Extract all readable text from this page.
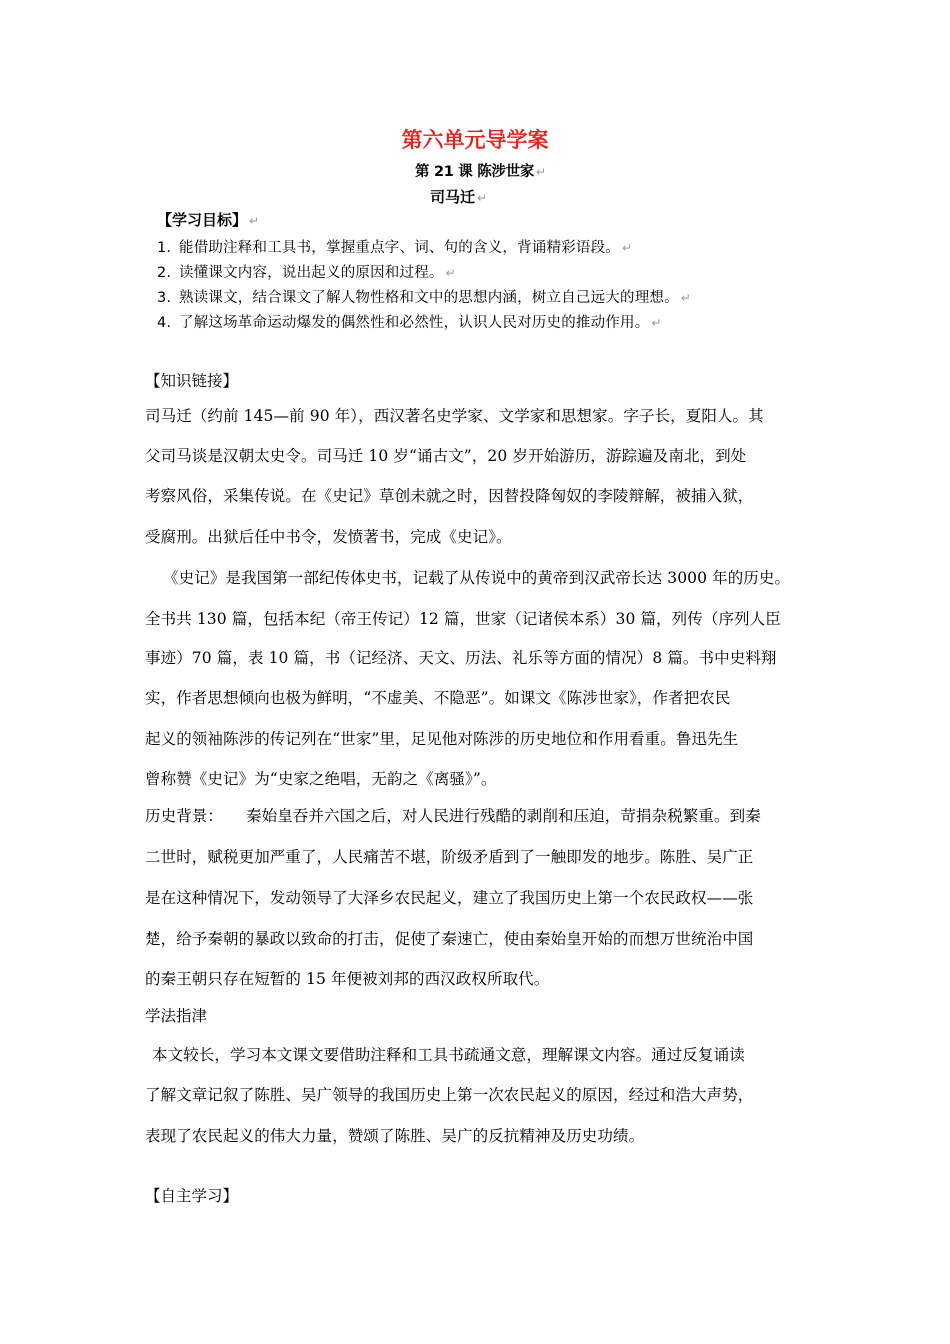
第六单元导学案
第 21 课 陈涉世家 ↵
司马迁 ↵
【学习目标】 ↵
1. 能借助注释和工具书，掌握重点字、词、句的含义，背诵精彩语段。 ↵
2. 读懂课文内容，说出起义的原因和过程。 ↵
3. 熟读课文，结合课文了解人物性格和文中的思想内涵，树立自己远大的理想。 ↵
4. 了解这场革命运动爆发的偶然性和必然性，认识人民对历史的推动作用。 ↵
【知识链接】
司马迁（约前 145—前 90 年），西汉著名史学家、文学家和思想家。字子长，夏阳人。其
父司马谈是汉朝太史令。司马迁 10 岁“诵古文”，20 岁开始游历，游踪遍及南北，到处
考察风俗，采集传说。在《史记》草创未就之时，因替投降匈奴的李陵辩解，被捕入狱，
受腐刑。出狱后任中书令，发愤著书，完成《史记》。
《史记》是我国第一部纪传体史书，记载了从传说中的黄帝到汉武帝长达 3000 年的历史。
全书共 130 篇，包括本纪（帝王传记）12 篇，世家（记诸侯本系）30 篇，列传（序列人臣
事迹）70 篇，表 10 篇，书（记经济、天文、历法、礼乐等方面的情况）8 篇。书中史料翔
实，作者思想倾向也极为鲜明，“不虚美、不隐恶”。如课文《陈涉世家》，作者把农民
起义的领袖陈涉的传记列在“世家”里，足见他对陈涉的历史地位和作用看重。鲁迅先生
曾称赞《史记》为“史家之绝唱，无韵之《离骚》”。
历史背景： 秦始皇吞并六国之后，对人民进行残酷的剥削和压迫，苛捐杂税繁重。到秦
二世时，赋税更加严重了，人民痛苦不堪，阶级矛盾到了一触即发的地步。陈胜、吴广正
是在这种情况下，发动领导了大泽乡农民起义，建立了我国历史上第一个农民政权——张
楚，给予秦朝的暴政以致命的打击，促使了秦速亡，使由秦始皇开始的而想万世统治中国
的秦王朝只存在短暂的 15 年便被刘邦的西汉政权所取代。
学法指津
本文较长，学习本文课文要借助注释和工具书疏通文意，理解课文内容。通过反复诵读
了解文章记叙了陈胜、吴广领导的我国历史上第一次农民起义的原因，经过和浩大声势，
表现了农民起义的伟大力量，赞颂了陈胜、吴广的反抗精神及历史功绩。
【自主学习】
